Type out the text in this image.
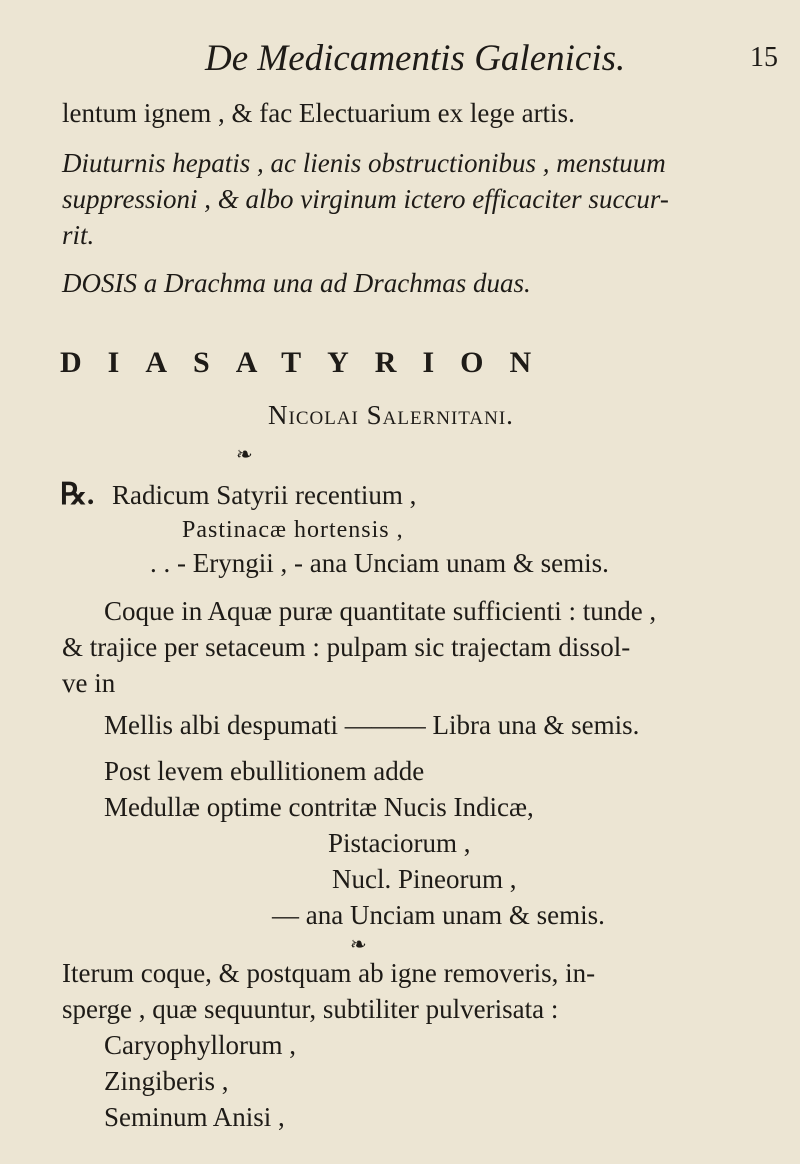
De Medicamentis Galenicis.	15
lentum ignem , & fac Electuarium ex lege artis.
Diuturnis hepatis , ac lienis obstructionibus , menstuum
suppressioni , & albo virginum ictero efficaciter succur-
rit.
DOSIS a Drachma una ad Drachmas duas.
DIASATYRION
Nicolai Salernitani.
❧
℞. Radicum Satyrii recentium ,
Pastinacæ hortensis ,
. . - Eryngii , - ana Unciam unam & semis.
Coque in Aquæ puræ quantitate sufficienti : tunde ,
& trajice per setaceum : pulpam sic trajectam dissol-
ve in
Mellis albi despumati ——— Libra una & semis.
Post levem ebullitionem adde
Medullæ optime contritæ Nucis Indicæ,
Pistaciorum ,
Nucl. Pineorum ,
— ana Unciam unam & semis.
❧
Iterum coque, & postquam ab igne removeris, in-
sperge , quæ sequuntur, subtiliter pulverisata :
Caryophyllorum ,
Zingiberis ,
Seminum Anisi ,
